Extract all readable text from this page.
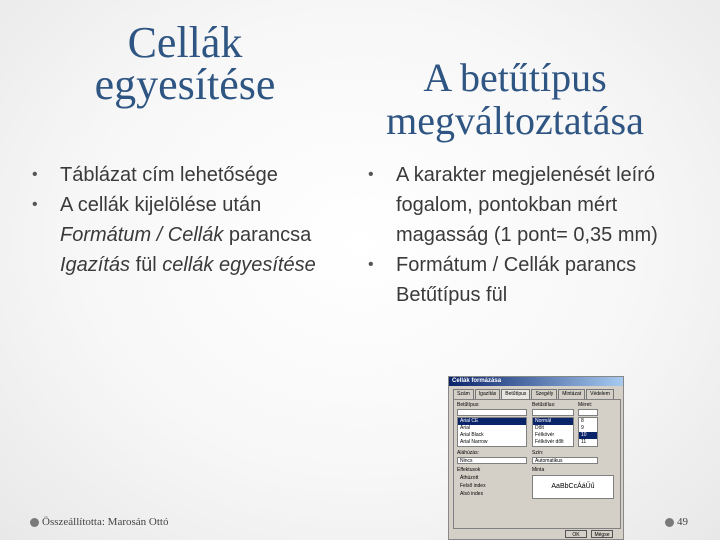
Cellák egyesítése	A betűtípus megváltoztatása
• Táblázat cím lehetősége
• A cellák kijelölése után Formátum / Cellák parancsa Igazítás fül cellák egyesítése
• A karakter megjelenését leíró fogalom, pontokban mért magasság (1 pont= 0,35 mm)
• Formátum / Cellák parancs Betűtípus fül
Cellák formázása
Szám	Igazítás	Betűtípus	Szegély	Mintázat	Védelem
Betűtípus:	Betűstílus:	Méret:
Arial CE
Arial
Arial Black
Arial Narrow
Normál
Dőlt
Félkövér
Félkövér dőlt
8
9
10
11
Aláhúzás:	Szín:
Nincs	Automatikus
Effektusok
Áthúzott
Felső index
Alsó index
Minta
AaBbCcÁáŰű
OK	Mégse
Összeállította: Marosán Ottó	49
